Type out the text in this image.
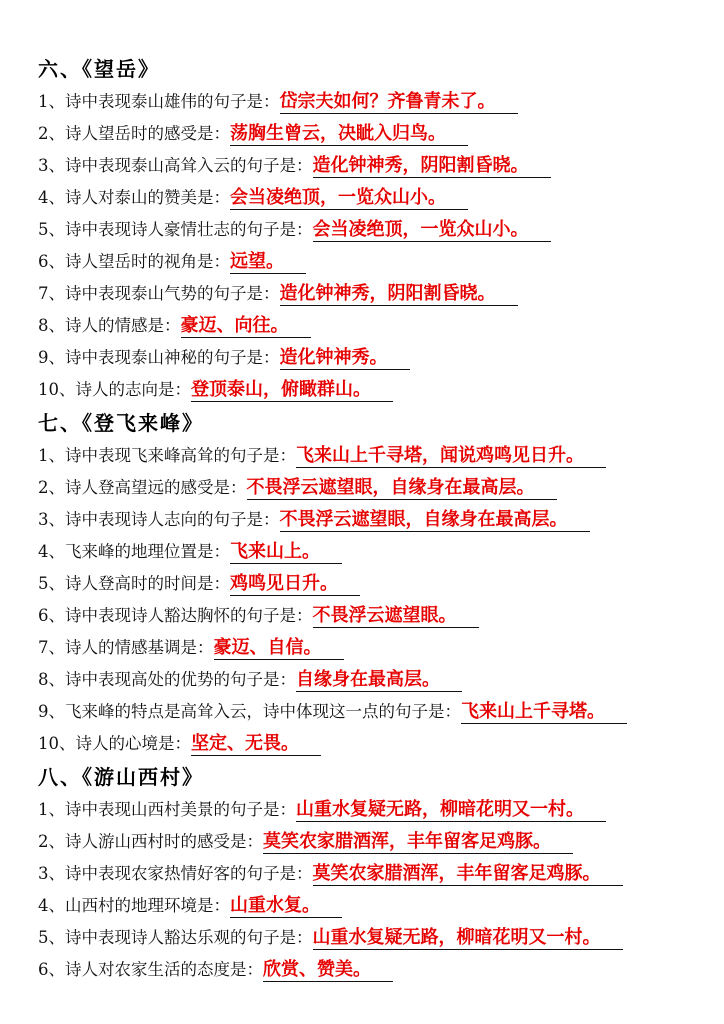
六、《望岳》
1、诗中表现泰山雄伟的句子是：岱宗夫如何？齐鲁青未了。
2、诗人望岳时的感受是：荡胸生曾云，决眦入归鸟。
3、诗中表现泰山高耸入云的句子是：造化钟神秀，阴阳割昏晓。
4、诗人对泰山的赞美是：会当凌绝顶，一览众山小。
5、诗中表现诗人豪情壮志的句子是：会当凌绝顶，一览众山小。
6、诗人望岳时的视角是：远望。
7、诗中表现泰山气势的句子是：造化钟神秀，阴阳割昏晓。
8、诗人的情感是：豪迈、向往。
9、诗中表现泰山神秘的句子是：造化钟神秀。
10、诗人的志向是：登顶泰山，俯瞰群山。
七、《登飞来峰》
1、诗中表现飞来峰高耸的句子是：飞来山上千寻塔，闻说鸡鸣见日升。
2、诗人登高望远的感受是：不畏浮云遮望眼，自缘身在最高层。
3、诗中表现诗人志向的句子是：不畏浮云遮望眼，自缘身在最高层。
4、飞来峰的地理位置是：飞来山上。
5、诗人登高时的时间是：鸡鸣见日升。
6、诗中表现诗人豁达胸怀的句子是：不畏浮云遮望眼。
7、诗人的情感基调是：豪迈、自信。
8、诗中表现高处的优势的句子是：自缘身在最高层。
9、飞来峰的特点是高耸入云，诗中体现这一点的句子是：飞来山上千寻塔。
10、诗人的心境是：坚定、无畏。
八、《游山西村》
1、诗中表现山西村美景的句子是：山重水复疑无路，柳暗花明又一村。
2、诗人游山西村时的感受是：莫笑农家腊酒浑，丰年留客足鸡豚。
3、诗中表现农家热情好客的句子是：莫笑农家腊酒浑，丰年留客足鸡豚。
4、山西村的地理环境是：山重水复。
5、诗中表现诗人豁达乐观的句子是：山重水复疑无路，柳暗花明又一村。
6、诗人对农家生活的态度是：欣赏、赞美。
